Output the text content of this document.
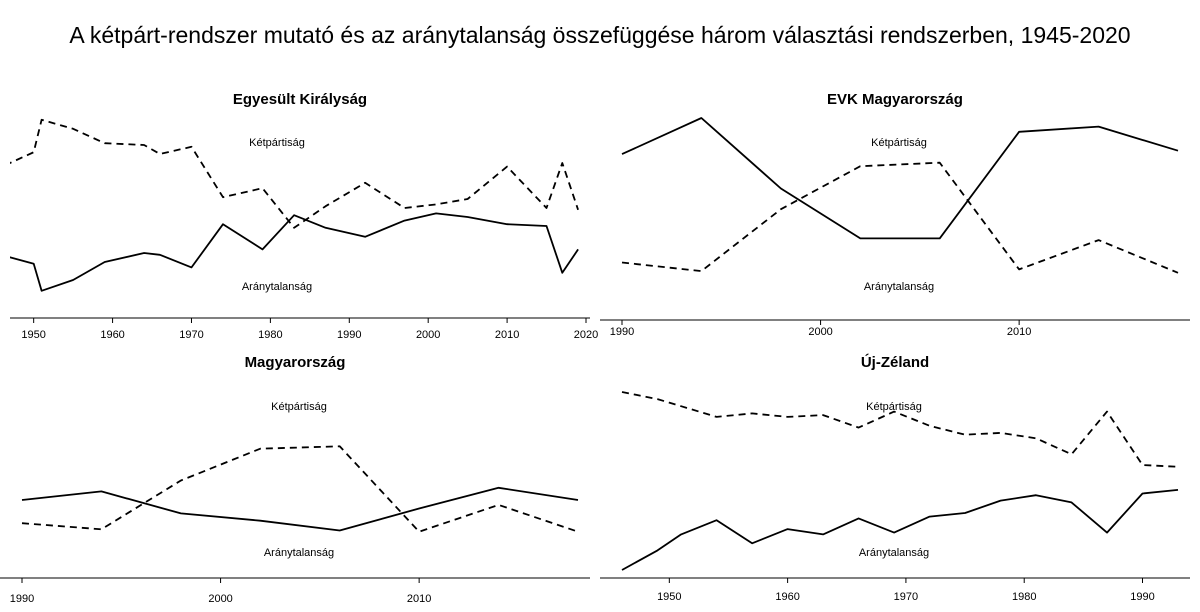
A kétpárt-rendszer mutató és az aránytalanság összefüggése három választási rendszerben, 1945-2020
Egyesült Királyság
Kétpártiság
Aránytalanság
1950	1960	1970	1980	1990	2000	2010	2020
EVK Magyarország
Kétpártiság
Aránytalanság
1990	2000	2010
Magyarország
Kétpártiság
Aránytalanság
1990	2000	2010
Új-Zéland
Kétpártiság
Aránytalanság
1950	1960	1970	1980	1990
